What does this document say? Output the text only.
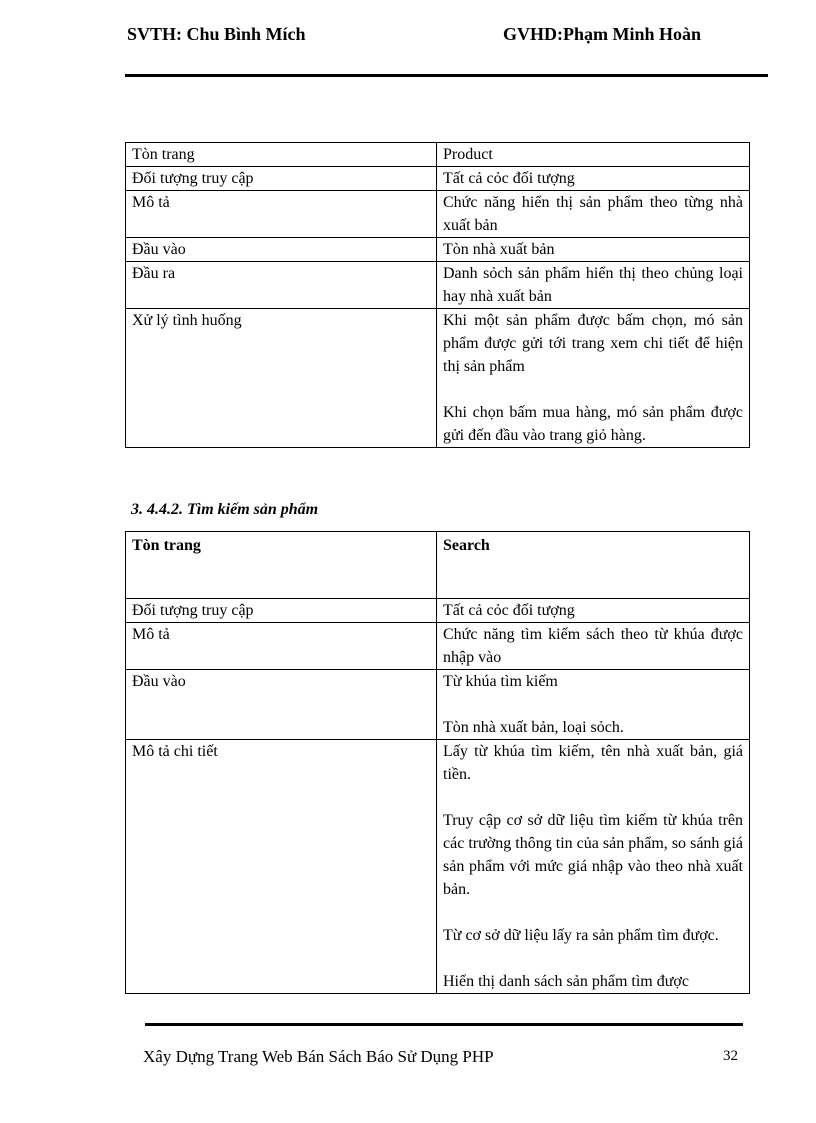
SVTH: Chu Bình Mích	GVHD:Phạm Minh Hoàn
Tòn trang	Product

Đối tượng truy cập	Tất cả cỏc đối tượng

Mô tả	Chức năng hiển thị sản phẩm theo từng nhà xuất bản

Đầu vào	Tòn nhà xuất bản

Đầu ra	Danh sỏch sản phẩm hiển thị theo chủng loại hay nhà xuất bản

Xử lý tình huống	Khi một sản phẩm được bấm chọn, mó sản phẩm được gửi tới trang xem chi tiết để hiện thị sản phẩm

Khi chọn bấm mua hàng, mó sản phẩm được gửi đến đầu vào trang giỏ hàng.

3. 4.4.2. Tìm kiếm sản phẩm
Tòn trang	Search

Đối tượng truy cập	Tất cả cỏc đối tượng

Mô tả	Chức năng tìm kiếm sách theo từ khúa được nhập vào

Đầu vào	Từ khúa tìm kiếm

Tòn nhà xuất bản, loại sỏch.

Mô tả chi tiết	Lấy từ khúa tìm kiếm, tên nhà xuất bản, giá tiền.

Truy cập cơ sở dữ liệu tìm kiếm từ khúa trên các trường thông tin của sản phẩm, so sánh giá sản phẩm với mức giá nhập vào theo nhà xuất bản.

Từ cơ sở dữ liệu lấy ra sản phẩm tìm được.

Hiển thị danh sách sản phẩm tìm được

Xây Dựng Trang Web Bán Sách Báo Sử Dụng PHP	32
